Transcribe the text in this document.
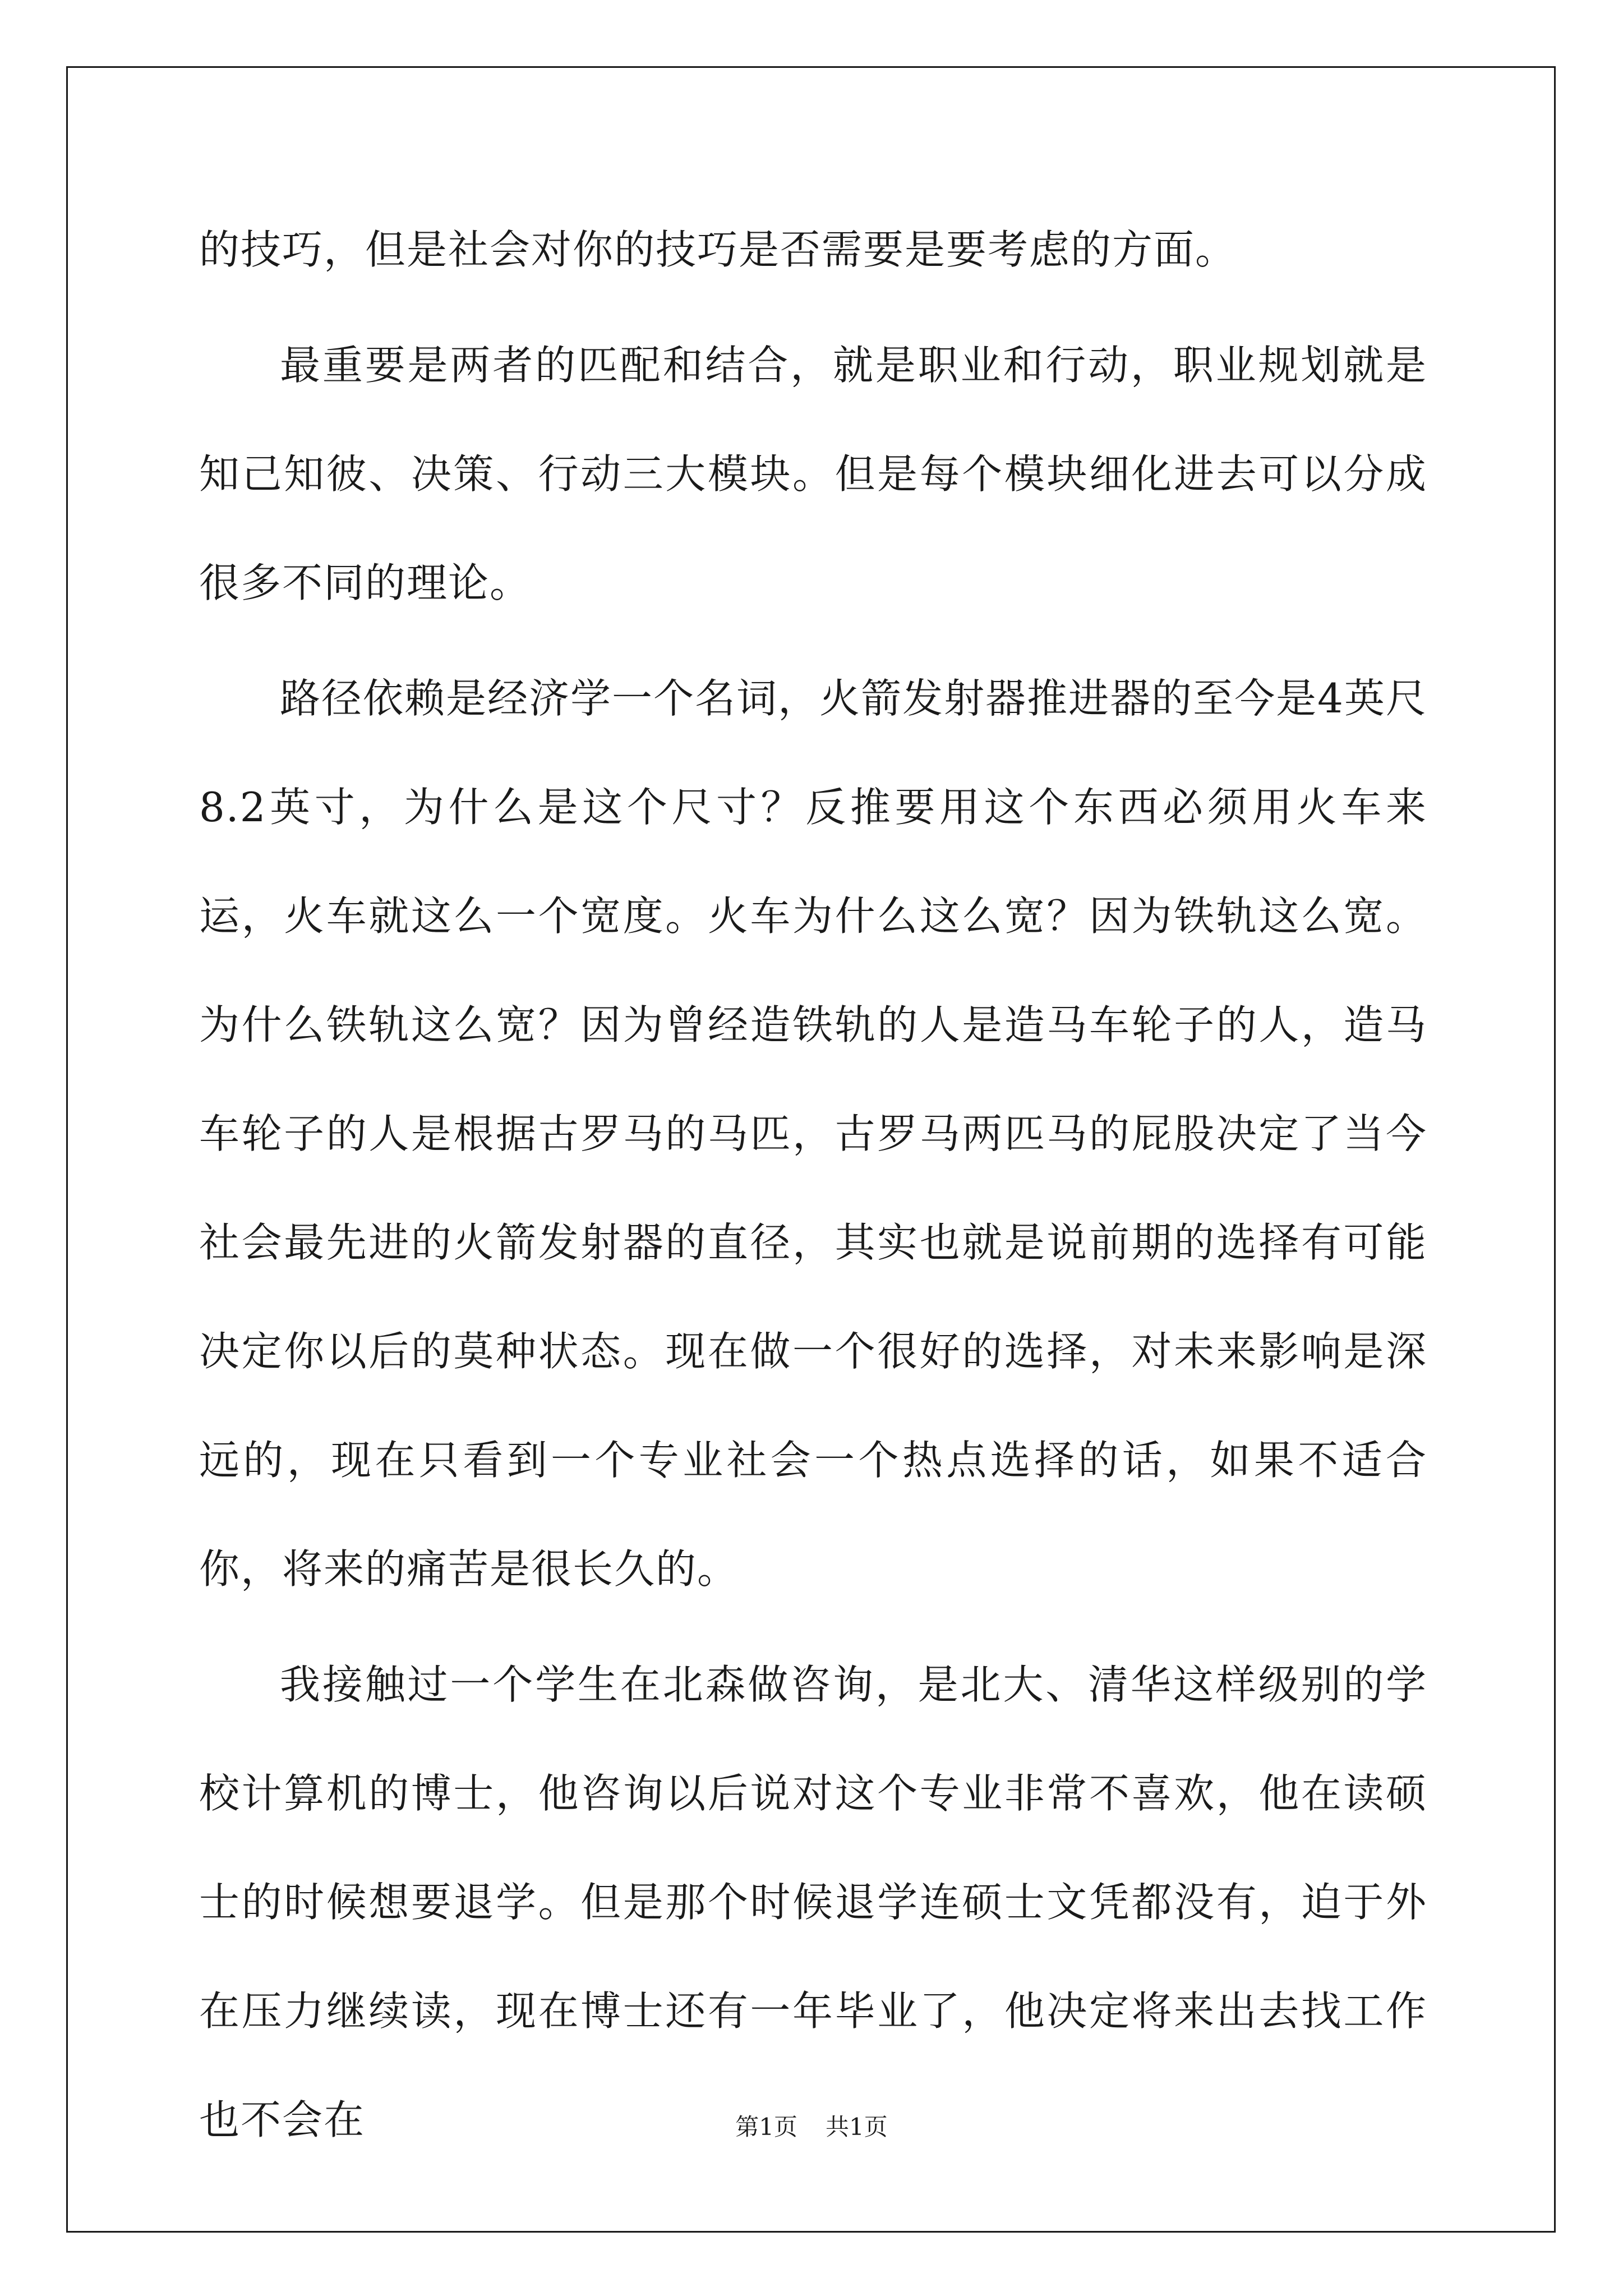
的技巧，但是社会对你的技巧是否需要是要考虑的方面。

最重要是两者的匹配和结合，就是职业和行动，职业规划就是知己知彼、决策、行动三大模块。但是每个模块细化进去可以分成很多不同的理论。

路径依赖是经济学一个名词，火箭发射器推进器的至今是4英尺8.2英寸，为什么是这个尺寸？反推要用这个东西必须用火车来运，火车就这么一个宽度。火车为什么这么宽？因为铁轨这么宽。为什么铁轨这么宽？因为曾经造铁轨的人是造马车轮子的人，造马车轮子的人是根据古罗马的马匹，古罗马两匹马的屁股决定了当今社会最先进的火箭发射器的直径，其实也就是说前期的选择有可能决定你以后的莫种状态。现在做一个很好的选择，对未来影响是深远的，现在只看到一个专业社会一个热点选择的话，如果不适合你，将来的痛苦是很长久的。

我接触过一个学生在北森做咨询，是北大、清华这样级别的学校计算机的博士，他咨询以后说对这个专业非常不喜欢，他在读硕士的时候想要退学。但是那个时候退学连硕士文凭都没有，迫于外在压力继续读，现在博士还有一年毕业了，他决定将来出去找工作也不会在	第1页 共1页
